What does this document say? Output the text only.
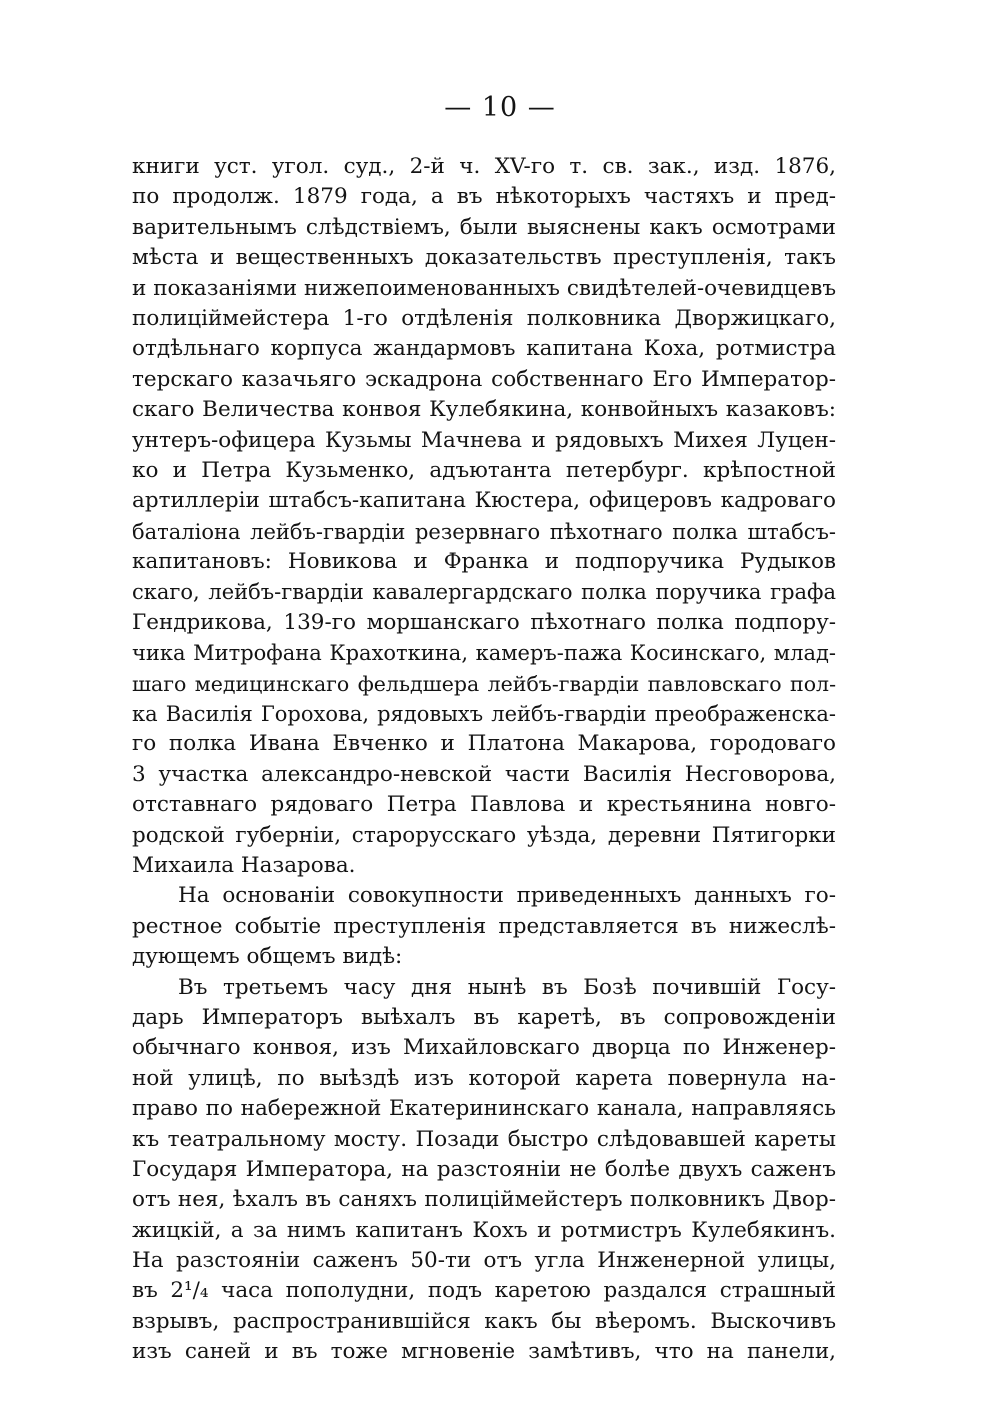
— 10 —
книги уст. угол. суд., 2-й ч. XV-го т. св. зак., изд. 1876,
по продолж. 1879 года, а въ нѣкоторыхъ частяхъ и пред-
варительнымъ слѣдствіемъ, были выяснены какъ осмотрами
мѣста и вещественныхъ доказательствъ преступленія, такъ
и показаніями нижепоименованныхъ свидѣтелей-очевидцевъ
полиціймейстера 1-го отдѣленія полковника Дворжицкаго,
отдѣльнаго корпуса жандармовъ капитана Коха, ротмистра
терскаго казачьяго эскадрона собственнаго Его Император-
скаго Величества конвоя Кулебякина, конвойныхъ казаковъ:
унтеръ-офицера Кузьмы Мачнева и рядовыхъ Михея Луцен-
ко и Петра Кузьменко, адъютанта петербург. крѣпостной
артиллеріи штабсъ-капитана Кюстера, офицеровъ кадроваго
баталіона лейбъ-гвардіи резервнаго пѣхотнаго полка штабсъ-
капитановъ: Новикова и Франка и подпоручика Рудыков
скаго, лейбъ-гвардіи кавалергардскаго полка поручика графа
Гендрикова, 139-го моршанскаго пѣхотнаго полка подпору-
чика Митрофана Крахоткина, камеръ-пажа Косинскаго, млад-
шаго медицинскаго фельдшера лейбъ-гвардіи павловскаго пол-
ка Василія Горохова, рядовыхъ лейбъ-гвардіи преображенска-
го полка Ивана Евченко и Платона Макарова, городоваго
3 участка александро-невской части Василія Несговорова,
отставнаго рядоваго Петра Павлова и крестьянина новго-
родской губерніи, старорусскаго уѣзда, деревни Пятигорки
Михаила Назарова.
На основаніи совокупности приведенныхъ данныхъ го-
рестное событіе преступленія представляется въ нижеслѣ-
дующемъ общемъ видѣ:
Въ третьемъ часу дня нынѣ въ Бозѣ почившій Госу-
дарь Императоръ выѣхалъ въ каретѣ, въ сопровожденіи
обычнаго конвоя, изъ Михайловскаго дворца по Инженер-
ной улицѣ, по выѣздѣ изъ которой карета повернула на-
право по набережной Екатерининскаго канала, направляясь
къ театральному мосту. Позади быстро слѣдовавшей кареты
Государя Императора, на разстояніи не болѣе двухъ саженъ
отъ нея, ѣхалъ въ саняхъ полиціймейстеръ полковникъ Двор-
жицкій, а за нимъ капитанъ Кохъ и ротмистръ Кулебякинъ.
На разстояніи саженъ 50-ти отъ угла Инженерной улицы,
въ 2¹/₄ часа пополудни, подъ каретою раздался страшный
взрывъ, распространившійся какъ бы вѣеромъ. Выскочивъ
изъ саней и въ тоже мгновеніе замѣтивъ, что на панели,
